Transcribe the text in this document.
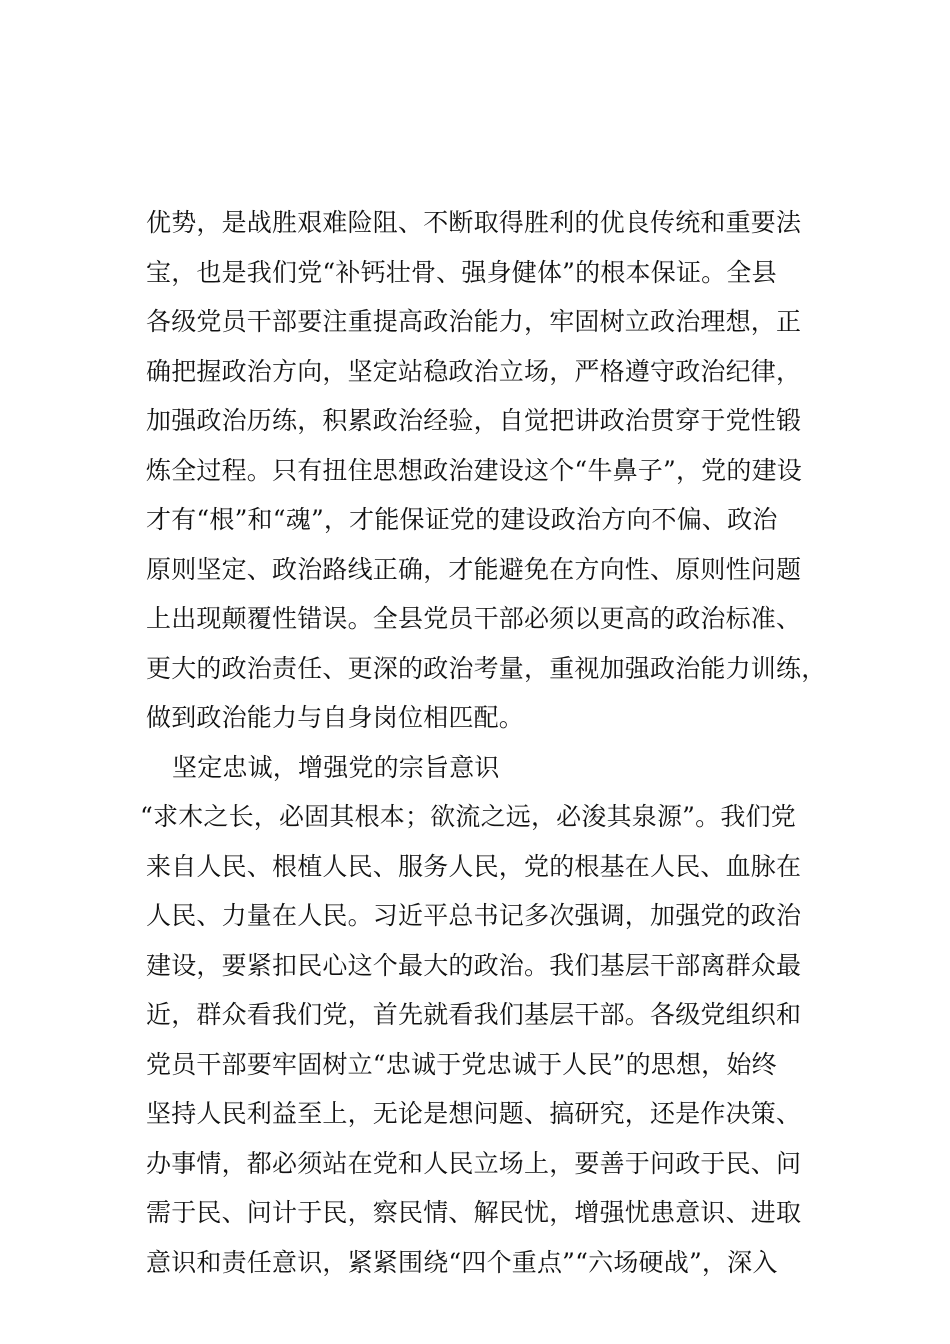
优势，是战胜艰难险阻、不断取得胜利的优良传统和重要法
宝，也是我们党“补钙壮骨、强身健体”的根本保证。全县
各级党员干部要注重提高政治能力，牢固树立政治理想，正
确把握政治方向，坚定站稳政治立场，严格遵守政治纪律，
加强政治历练，积累政治经验，自觉把讲政治贯穿于党性锻
炼全过程。只有扭住思想政治建设这个“牛鼻子”，党的建设
才有“根”和“魂”，才能保证党的建设政治方向不偏、政治
原则坚定、政治路线正确，才能避免在方向性、原则性问题
上出现颠覆性错误。全县党员干部必须以更高的政治标准、
更大的政治责任、更深的政治考量，重视加强政治能力训练，
做到政治能力与自身岗位相匹配。
坚定忠诚，增强党的宗旨意识
“求木之长，必固其根本；欲流之远，必浚其泉源”。我们党
来自人民、根植人民、服务人民，党的根基在人民、血脉在
人民、力量在人民。习近平总书记多次强调，加强党的政治
建设，要紧扣民心这个最大的政治。我们基层干部离群众最
近，群众看我们党，首先就看我们基层干部。各级党组织和
党员干部要牢固树立“忠诚于党忠诚于人民”的思想，始终
坚持人民利益至上，无论是想问题、搞研究，还是作决策、
办事情，都必须站在党和人民立场上，要善于问政于民、问
需于民、问计于民，察民情、解民忧，增强忧患意识、进取
意识和责任意识，紧紧围绕“四个重点”“六场硬战”，深入
